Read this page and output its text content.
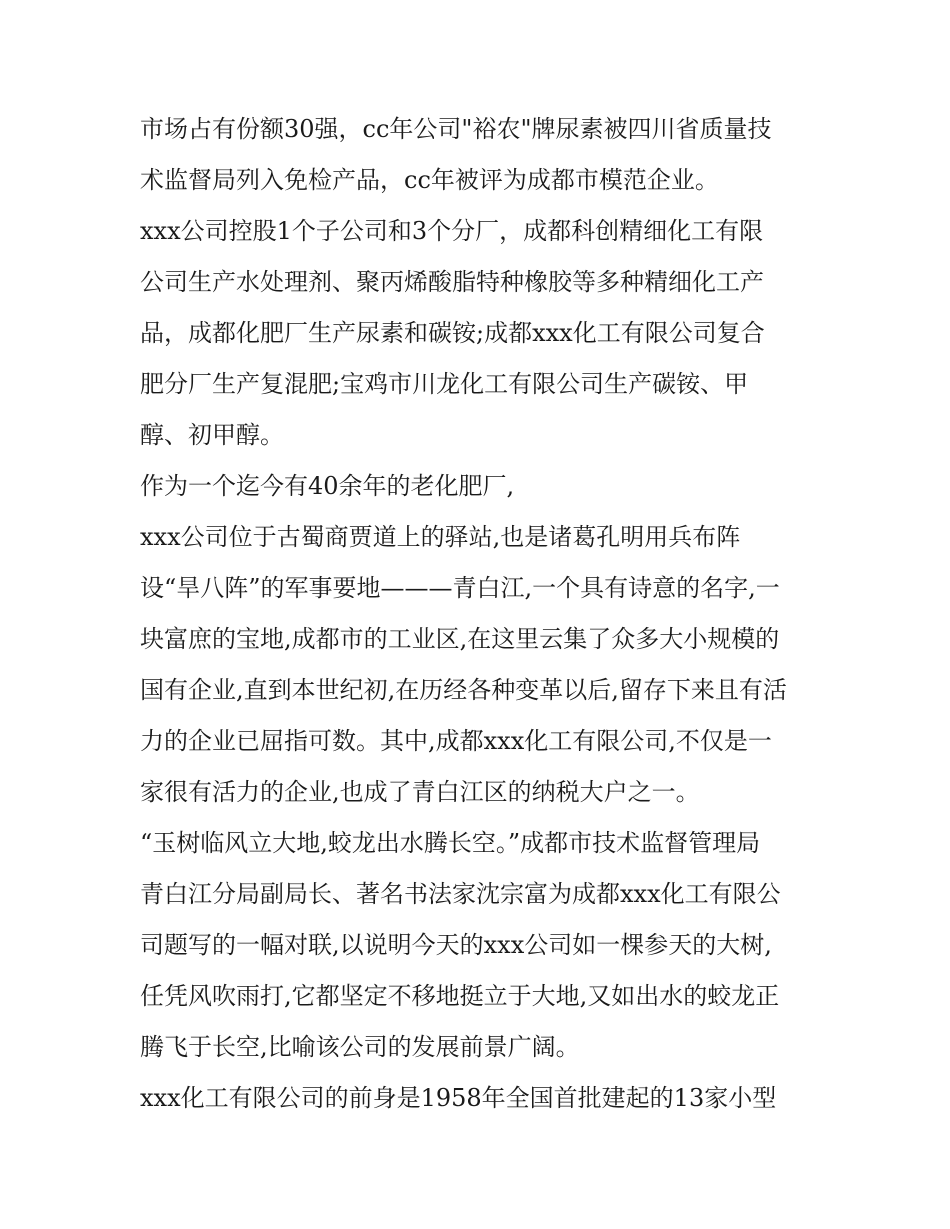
市场占有份额30强，cc年公司"裕农"牌尿素被四川省质量技
术监督局列入免检产品，cc年被评为成都市模范企业。
xxx公司控股1个子公司和3个分厂，成都科创精细化工有限
公司生产水处理剂、聚丙烯酸脂特种橡胶等多种精细化工产
品，成都化肥厂生产尿素和碳铵;成都xxx化工有限公司复合
肥分厂生产复混肥;宝鸡市川龙化工有限公司生产碳铵、甲
醇、初甲醇。
作为一个迄今有40余年的老化肥厂,
xxx公司位于古蜀商贾道上的驿站,也是诸葛孔明用兵布阵
设“旱八阵”的军事要地———青白江,一个具有诗意的名字,一
块富庶的宝地,成都市的工业区,在这里云集了众多大小规模的
国有企业,直到本世纪初,在历经各种变革以后,留存下来且有活
力的企业已屈指可数。其中,成都xxx化工有限公司,不仅是一
家很有活力的企业,也成了青白江区的纳税大户之一。
“玉树临风立大地,蛟龙出水腾长空。”成都市技术监督管理局
青白江分局副局长、著名书法家沈宗富为成都xxx化工有限公
司题写的一幅对联,以说明今天的xxx公司如一棵参天的大树,
任凭风吹雨打,它都坚定不移地挺立于大地,又如出水的蛟龙正
腾飞于长空,比喻该公司的发展前景广阔。
xxx化工有限公司的前身是1958年全国首批建起的13家小型
